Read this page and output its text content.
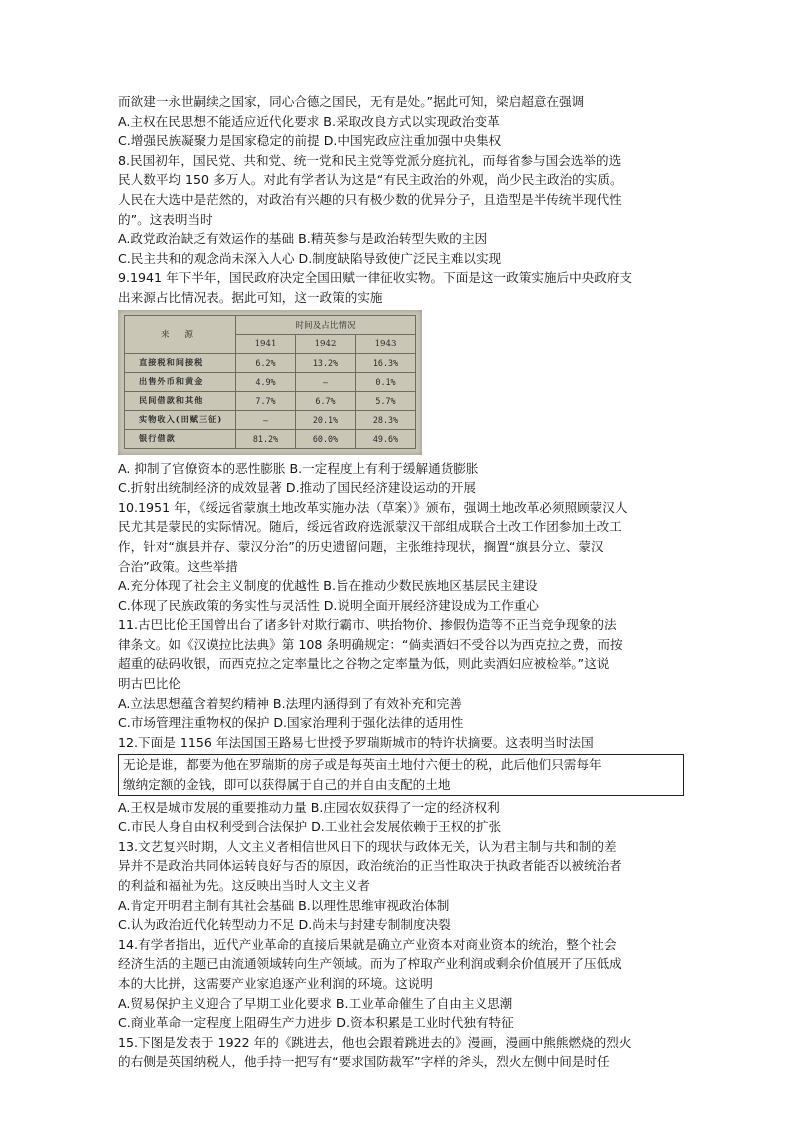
而欲建一永世嗣续之国家，同心合德之国民，无有是处。”据此可知，梁启超意在强调
A.主权在民思想不能适应近代化要求 B.采取改良方式以实现政治变革
C.增强民族凝聚力是国家稳定的前提 D.中国宪政应注重加强中央集权
8.民国初年，国民党、共和党、统一党和民主党等党派分庭抗礼，而每省参与国会选举的选
民人数平均 150 多万人。对此有学者认为这是“有民主政治的外观，尚少民主政治的实质。
人民在大选中是茫然的，对政治有兴趣的只有极少数的优异分子，且造型是半传统半现代性
的”。这表明当时
A.政党政治缺乏有效运作的基础 B.精英参与是政治转型失败的主因
C.民主共和的观念尚未深入人心 D.制度缺陷导致使广泛民主难以实现
9.1941 年下半年，国民政府决定全国田赋一律征收实物。下面是这一政策实施后中央政府支
出来源占比情况表。据此可知，这一政策的实施
来 源	时间及占比情况		
	1941	1942	1943
直接税和间接税	6.2%	13.2%	16.3%
出售外币和黄金	4.9%	—	0.1%
民间借款和其他	7.7%	6.7%	5.7%
实物收入(田赋三征)	—	20.1%	28.3%
银行借款	81.2%	60.0%	49.6%
A. 抑制了官僚资本的恶性膨胀 B.一定程度上有利于缓解通货膨胀
C.折射出统制经济的成效显著 D.推动了国民经济建设运动的开展
10.1951 年，《绥远省蒙旗土地改革实施办法（草案）》颁布，强调土地改革必须照顾蒙汉人
民尤其是蒙民的实际情况。随后，绥远省政府选派蒙汉干部组成联合土改工作团参加土改工
作，针对“旗县并存、蒙汉分治”的历史遗留问题，主张维持现状，搁置“旗县分立、蒙汉
合治”政策。这些举措
A.充分体现了社会主义制度的优越性 B.旨在推动少数民族地区基层民主建设
C.体现了民族政策的务实性与灵活性 D.说明全面开展经济建设成为工作重心
11.古巴比伦王国曾出台了诸多针对欺行霸市、哄抬物价、掺假伪造等不正当竞争现象的法
律条文。如《汉谟拉比法典》第 108 条明确规定：“倘卖酒妇不受谷以为西克拉之费，而按
超重的砝码收银，而西克拉之定率量比之谷物之定率量为低，则此卖酒妇应被检举。”这说
明古巴比伦
A.立法思想蕴含着契约精神 B.法理内涵得到了有效补充和完善
C.市场管理注重物权的保护 D.国家治理利于强化法律的适用性
12.下面是 1156 年法国国王路易七世授予罗瑞斯城市的特许状摘要。这表明当时法国
无论是谁，都要为他在罗瑞斯的房子或是每英亩土地付六便士的税，此后他们只需每年
缴纳定额的金钱，即可以获得属于自己的并自由支配的土地
A.王权是城市发展的重要推动力量 B.庄园农奴获得了一定的经济权利
C.市民人身自由权利受到合法保护 D.工业社会发展依赖于王权的扩张
13.文艺复兴时期，人文主义者相信世风日下的现状与政体无关，认为君主制与共和制的差
异并不是政治共同体运转良好与否的原因，政治统治的正当性取决于执政者能否以被统治者
的利益和福祉为先。这反映出当时人文主义者
A.肯定开明君主制有其社会基础 B.以理性思维审视政治体制
C.认为政治近代化转型动力不足 D.尚未与封建专制制度决裂
14.有学者指出，近代产业革命的直接后果就是确立产业资本对商业资本的统治，整个社会
经济生活的主题已由流通领域转向生产领域。而为了榨取产业利润或剩余价值展开了压低成
本的大比拼，这需要产业家追逐产业利润的环境。这说明
A.贸易保护主义迎合了早期工业化要求 B.工业革命催生了自由主义思潮
C.商业革命一定程度上阻碍生产力进步 D.资本积累是工业时代独有特征
15.下图是发表于 1922 年的《跳进去，他也会跟着跳进去的》漫画，漫画中熊熊燃烧的烈火
的右侧是英国纳税人，他手持一把写有“要求国防裁军”字样的斧头，烈火左侧中间是时任
